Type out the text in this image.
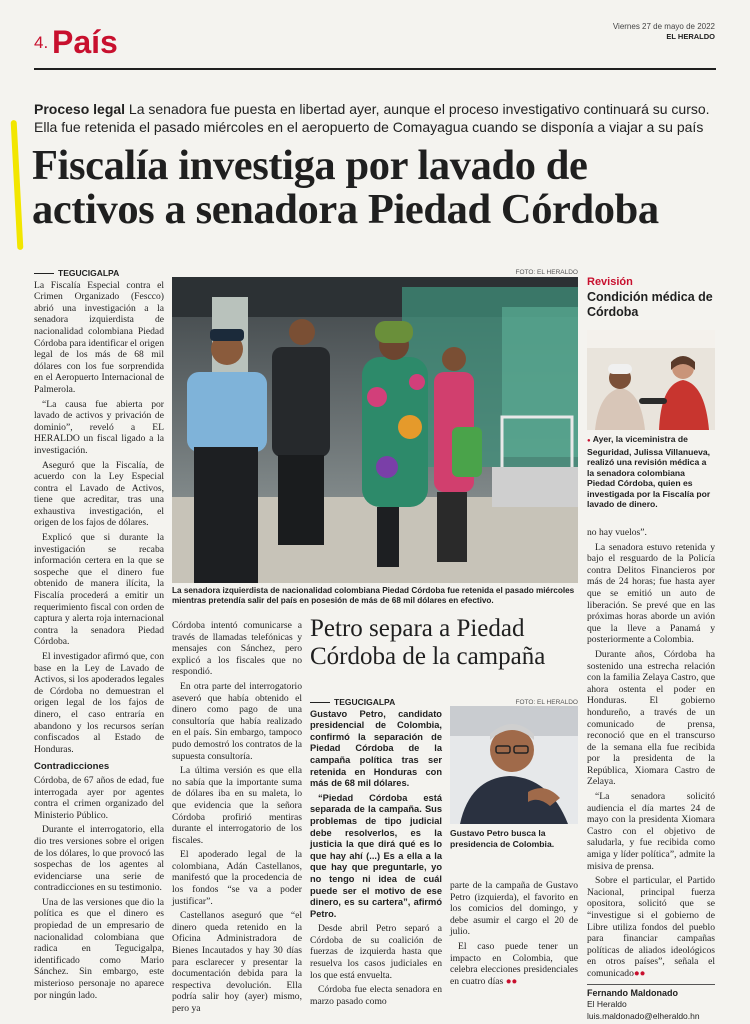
4. País	Viernes 27 de mayo de 2022
EL HERALDO
Proceso legal La senadora fue puesta en libertad ayer, aunque el proceso investigativo continuará su curso.
Ella fue retenida el pasado miércoles en el aeropuerto de Comayagua cuando se disponía a viajar a su país
Fiscalía investiga por lavado de
activos a senadora Piedad Córdoba
TEGUCIGALPA

La Fiscalía Especial contra el Crimen Organizado (Fescco) abrió una investigación a la senadora izquierdista de nacionalidad colombiana Piedad Córdoba para identificar el origen legal de los más de 68 mil dólares con los fue sorprendida en el Aeropuerto Internacional de Palmerola.

“La causa fue abierta por lavado de activos y privación de dominio”, reveló a EL HERALDO un fiscal ligado a la investigación.

Aseguró que la Fiscalía, de acuerdo con la Ley Especial contra el Lavado de Activos, tiene que acreditar, tras una exhaustiva investigación, el origen de los fajos de dólares.

Explicó que si durante la investigación se recaba información certera en la que se sospeche que el dinero fue obtenido de manera ilícita, la Fiscalía procederá a emitir un requerimiento fiscal con orden de captura y alerta roja internacional contra la senadora Piedad Córdoba.

El investigador afirmó que, con base en la Ley de Lavado de Activos, si los apoderados legales de Córdoba no demuestran el origen legal de los fajos de dinero, el caso entraría en abandono y los recursos serían confiscados al Estado de Honduras.

Contradicciones

Córdoba, de 67 años de edad, fue interrogada ayer por agentes contra el crimen organizado del Ministerio Público.

Durante el interrogatorio, ella dio tres versiones sobre el origen de los dólares, lo que provocó las sospechas de los agentes al evidenciarse una serie de contradicciones en su testimonio.

Una de las versiones que dio la política es que el dinero es propiedad de un empresario de nacionalidad colombiana que radica en Tegucigalpa, identificado como Mario Sánchez. Sin embargo, este misterioso personaje no aparece por ningún lado.

FOTO: EL HERALDO
La senadora izquierdista de nacionalidad colombiana Piedad Córdoba fue retenida el pasado miércoles mientras pretendía salir del país en posesión de más de 68 mil dólares en efectivo.

Córdoba intentó comunicarse a través de llamadas telefónicas y mensajes con Sánchez, pero explicó a los fiscales que no respondió.

En otra parte del interrogatorio aseveró que había obtenido el dinero como pago de una consultoría que había realizado en el país. Sin embargo, tampoco pudo demostró los contratos de la supuesta consultoría.

La última versión es que ella no sabía que la importante suma de dólares iba en su maleta, lo que evidencia que la señora Córdoba profirió mentiras durante el interrogatorio de los fiscales.

El apoderado legal de la colombiana, Adán Castellanos, manifestó que la procedencia de los fondos “se va a poder justificar”.

Castellanos aseguró que “el dinero queda retenido en la Oficina Administradora de Bienes Incautados y hay 30 días para esclarecer y presentar la documentación debida para la respectiva devolución. Ella podría salir hoy (ayer) mismo, pero ya

Petro separa a Piedad
Córdoba de la campaña
TEGUCIGALPA

Gustavo Petro, candidato presidencial de Colombia, confirmó la separación de Piedad Córdoba de la campaña política tras ser retenida en Honduras con más de 68 mil dólares.

“Piedad Córdoba está separada de la campaña. Sus problemas de tipo judicial debe resolverlos, es la justicia la que dirá qué es lo que hay ahí (...) Es a ella a la que hay que preguntarle, yo no tengo ni idea de cuál puede ser el motivo de ese dinero, es su cartera”, afirmó Petro.

Desde abril Petro separó a Córdoba de su coalición de fuerzas de izquierda hasta que resuelva los casos judiciales en los que está envuelta.

Córdoba fue electa senadora en marzo pasado como

FOTO: EL HERALDO
Gustavo Petro busca la presidencia de Colombia.

parte de la campaña de Gustavo Petro (izquierda), el favorito en los comicios del domingo, y debe asumir el cargo el 20 de julio.

El caso puede tener un impacto en Colombia, que celebra elecciones presidenciales en cuatro días ●●

Revisión
Condición médica de Córdoba
● Ayer, la viceministra de Seguridad, Julissa Villanueva, realizó una revisión médica a la senadora colombiana Piedad Córdoba, quien es investigada por la Fiscalía por lavado de dinero.

no hay vuelos”.

La senadora estuvo retenida y bajo el resguardo de la Policía contra Delitos Financieros por más de 24 horas; fue hasta ayer que se emitió un auto de liberación. Se prevé que en las próximas horas aborde un avión que la lleve a Panamá y posteriormente a Colombia.

Durante años, Córdoba ha sostenido una estrecha relación con la familia Zelaya Castro, que ahora ostenta el poder en Honduras. El gobierno hondureño, a través de un comunicado de prensa, reconoció que en el transcurso de la semana ella fue recibida por la presidenta de la República, Xiomara Castro de Zelaya.

“La senadora solicitó audiencia el día martes 24 de mayo con la presidenta Xiomara Castro con el objetivo de saludarla, y fue recibida como amiga y líder política”, admite la misiva de prensa.

Sobre el particular, el Partido Nacional, principal fuerza opositora, solicitó que se “investigue si el gobierno de Libre utiliza fondos del pueblo para financiar campañas políticas de aliados ideológicos en otros países”, señala el comunicado●●

Fernando Maldonado
El Heraldo
luis.maldonado@elheraldo.hn
